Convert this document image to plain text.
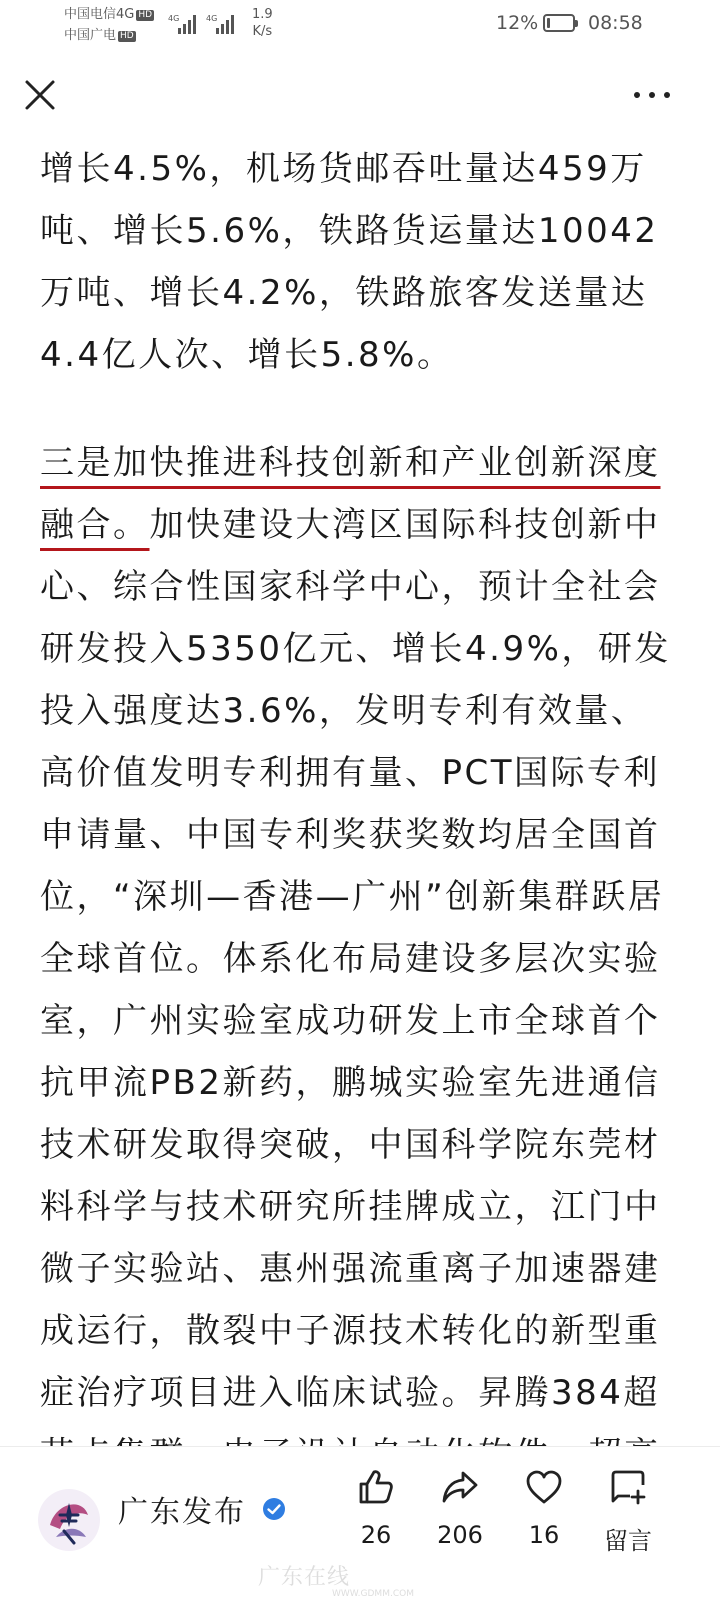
中国电信4G HD
中国广电 HD
4G	4G	1.9
K/s	12%	08:58

增长4.5%，机场货邮吞吐量达459万吨、增长5.6%，铁路货运量达10042万吨、增长4.2%，铁路旅客发送量达4.4亿人次、增长5.8%。

三是加快推进科技创新和产业创新深度融合。加快建设大湾区国际科技创新中心、综合性国家科学中心，预计全社会研发投入5350亿元、增长4.9%，研发投入强度达3.6%，发明专利有效量、高价值发明专利拥有量、PCT国际专利申请量、中国专利奖获奖数均居全国首位，“深圳—香港—广州”创新集群跃居全球首位。体系化布局建设多层次实验室，广州实验室成功研发上市全球首个抗甲流PB2新药，鹏城实验室先进通信技术研发取得突破，中国科学院东莞材料科学与技术研究所挂牌成立，江门中微子实验站、惠州强流重离子加速器建成运行，散裂中子源技术转化的新型重症治疗项目进入临床试验。昇腾384超

广东发布
26	206	16	留言
广东在线
WWW.GDMM.COM
